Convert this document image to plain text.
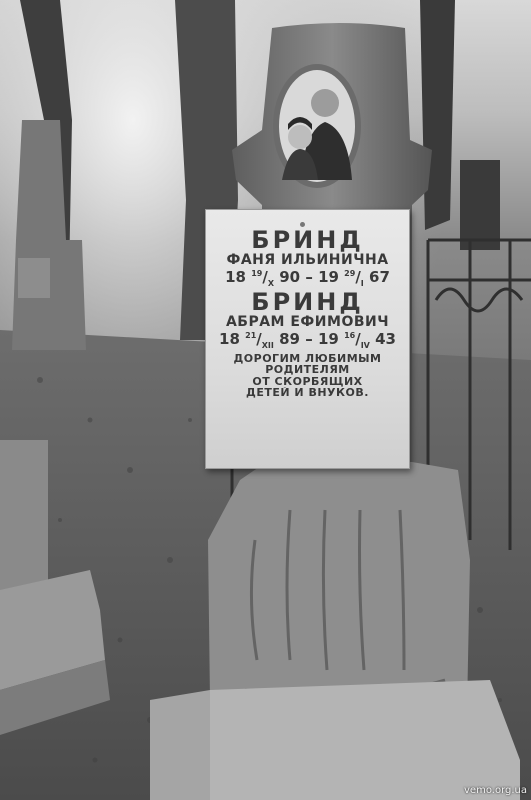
БРИНД
ФАНЯ ИЛЬИНИЧНА
18 $^{19}/_X$ 90 – 19 $^{29}/_I$ 67
БРИНД
АБРАМ ЕФИМОВИЧ
18 $^{21}/_{XII}$ 89 – 19 $^{16}/_{IV}$ 43
ДОРОГИМ ЛЮБИМЫМ
РОДИТЕЛЯМ
ОТ СКОРБЯЩИХ
ДЕТЕЙ И ВНУКОВ.
vemo.org.ua
